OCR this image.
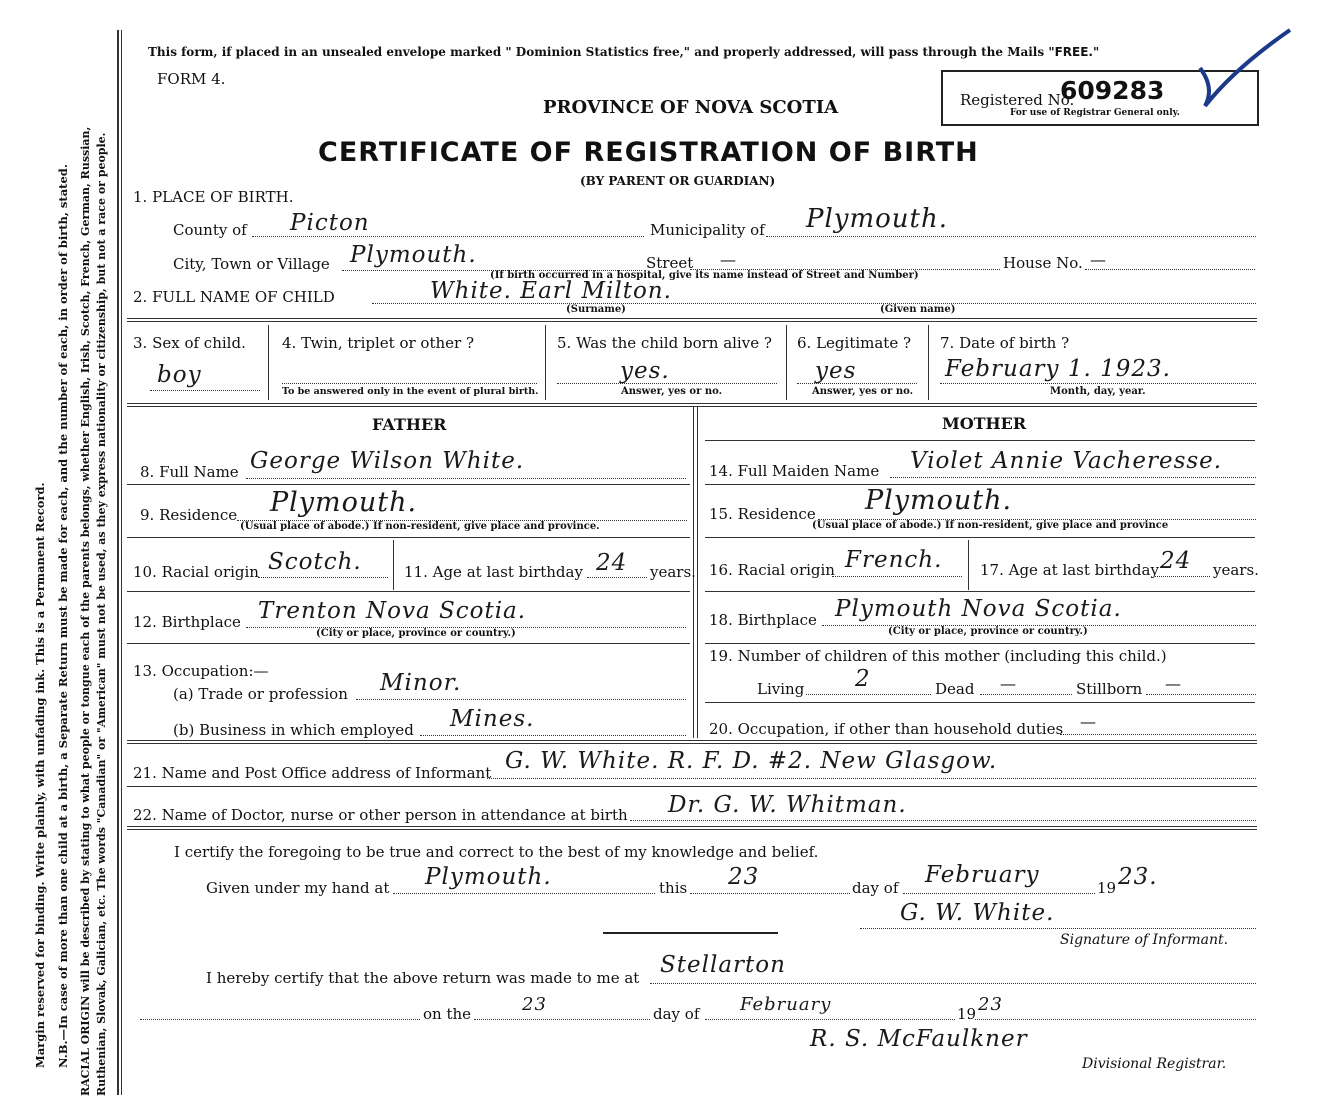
Margin reserved for binding. Write plainly, with unfading ink. This is a Permanent Record. N.B.—In case of more than one child at a birth, a Separate Return must be made for each, and the number of each, in order of birth, stated. RACIAL ORIGIN will be described by stating to what people or tongue each of the parents belongs, whether English, Irish, Scotch, French, German, Russian, Ruthenian, Slovak, Galician, etc. The words "Canadian" or "American" must not be used, as they express nationality or citizenship, but not a race or people.
This form, if placed in an unsealed envelope marked " Dominion Statistics free," and properly addressed, will pass through the Mails "FREE."
FORM 4.
PROVINCE OF NOVA SCOTIA
CERTIFICATE OF REGISTRATION OF BIRTH
(BY PARENT OR GUARDIAN)
Registered No.
609283
For use of Registrar General only.
1. PLACE OF BIRTH.
County of Picton	Municipality of Plymouth.
City, Town or Village Plymouth.	Street —	House No. —
(If birth occurred in a hospital, give its name instead of Street and Number)
2. FULL NAME OF CHILD	White. Earl Milton.
(Surname)	(Given name)
3. Sex of child.
boy
4. Twin, triplet or other ?
To be answered only in the event of plural birth.
5. Was the child born alive ?
yes.
Answer, yes or no.
6. Legitimate ?
yes
Answer, yes or no.
7. Date of birth ?
February 1. 1923.
Month, day, year.
FATHER	MOTHER
8. Full Name George Wilson White.
9. Residence Plymouth.
(Usual place of abode.) If non-resident, give place and province.
10. Racial origin Scotch.	11. Age at last birthday 24 years.
12. Birthplace Trenton Nova Scotia.
(City or place, province or country.)
13. Occupation:—
(a) Trade or profession Minor.
(b) Business in which employed Mines.
14. Full Maiden Name Violet Annie Vacheresse.
15. Residence Plymouth.
(Usual place of abode.) If non-resident, give place and province
16. Racial origin French.	17. Age at last birthday 24 years.
18. Birthplace Plymouth Nova Scotia.
(City or place, province or country.)
19. Number of children of this mother (including this child.)
Living 2	Dead —	Stillborn —
20. Occupation, if other than household duties —
21. Name and Post Office address of Informant G. W. White. R. F. D. #2. New Glasgow.
22. Name of Doctor, nurse or other person in attendance at birth Dr. G. W. Whitman.
I certify the foregoing to be true and correct to the best of my knowledge and belief.
Given under my hand at Plymouth.	this 23	day of February	19 23.
G. W. White.
Signature of Informant.
I hereby certify that the above return was made to me at Stellarton
on the	23	day of February	19 23
R. S. McFaulkner
Divisional Registrar.
